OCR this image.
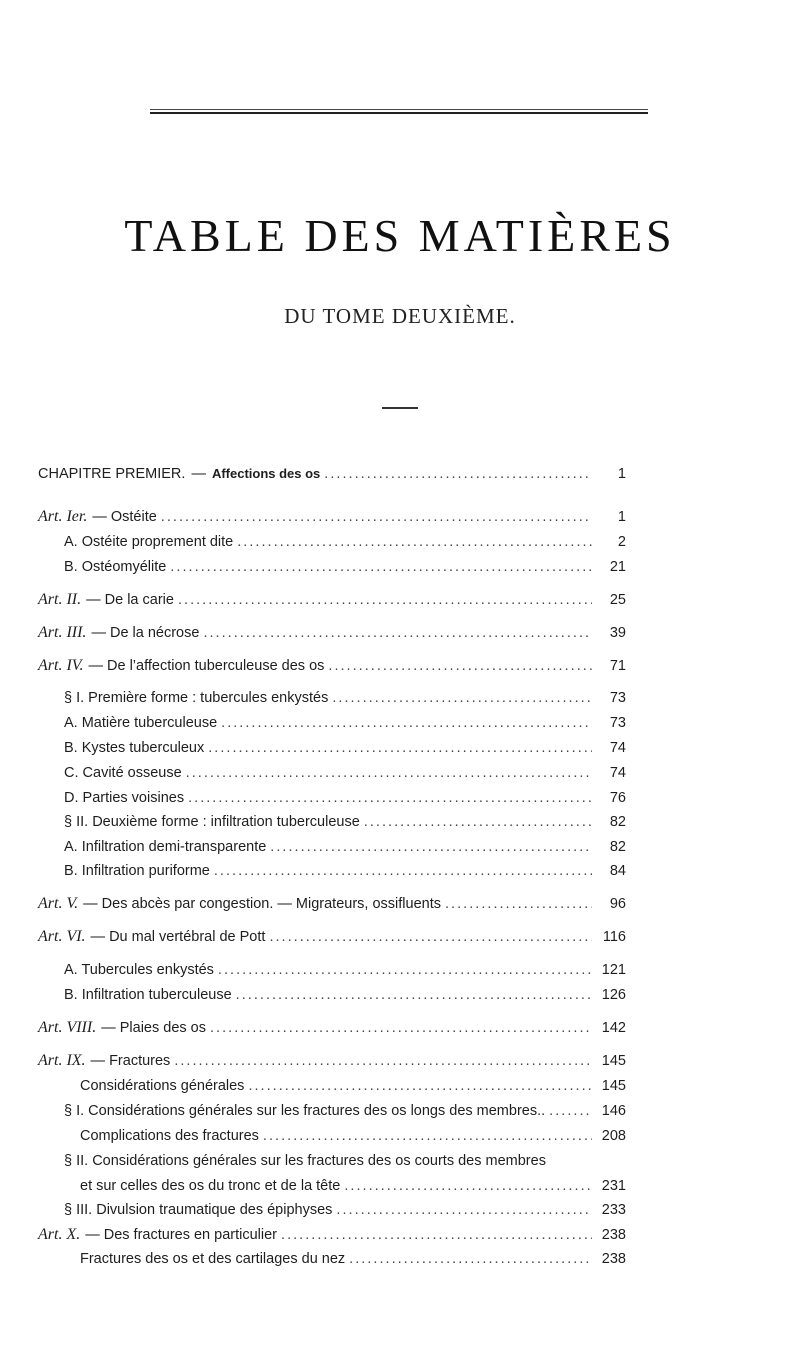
TABLE DES MATIÈRES
DU TOME DEUXIÈME.
CHAPITRE PREMIER. — Affections des os . . .	1
Art. Ier. — Ostéite . . .	1
A. Ostéite proprement dite . . .	2
B. Ostéomyélite . . .	21
Art. II. — De la carie . . .	25
Art. III. — De la nécrose . . .	39
Art. IV. — De l’affection tuberculeuse des os . . .	71
§ I. Première forme : tubercules enkystés . . .	73
A. Matière tuberculeuse . . .	73
B. Kystes tuberculeux . . .	74
C. Cavité osseuse . . .	74
D. Parties voisines . . .	76
§ II. Deuxième forme : infiltration tuberculeuse . . .	82
A. Infiltration demi-transparente . . .	82
B. Infiltration puriforme . . .	84
Art. V. — Des abcès par congestion. — Migrateurs, ossifluents . . .	96
Art. VI. — Du mal vertébral de Pott . . .	116
A. Tubercules enkystés . . .	121
B. Infiltration tuberculeuse . . .	126
Art. VIII. — Plaies des os . . .	142
Art. IX. — Fractures . . .	145
Considérations générales . . .	145
§ I. Considérations générales sur les fractures des os longs des membres.. . . .	146
Complications des fractures . . .	208
§ II. Considérations générales sur les fractures des os courts des membres
et sur celles des os du tronc et de la tête . . .	231
§ III. Divulsion traumatique des épiphyses . . .	233
Art. X. — Des fractures en particulier . . .	238
Fractures des os et des cartilages du nez . . .	238
